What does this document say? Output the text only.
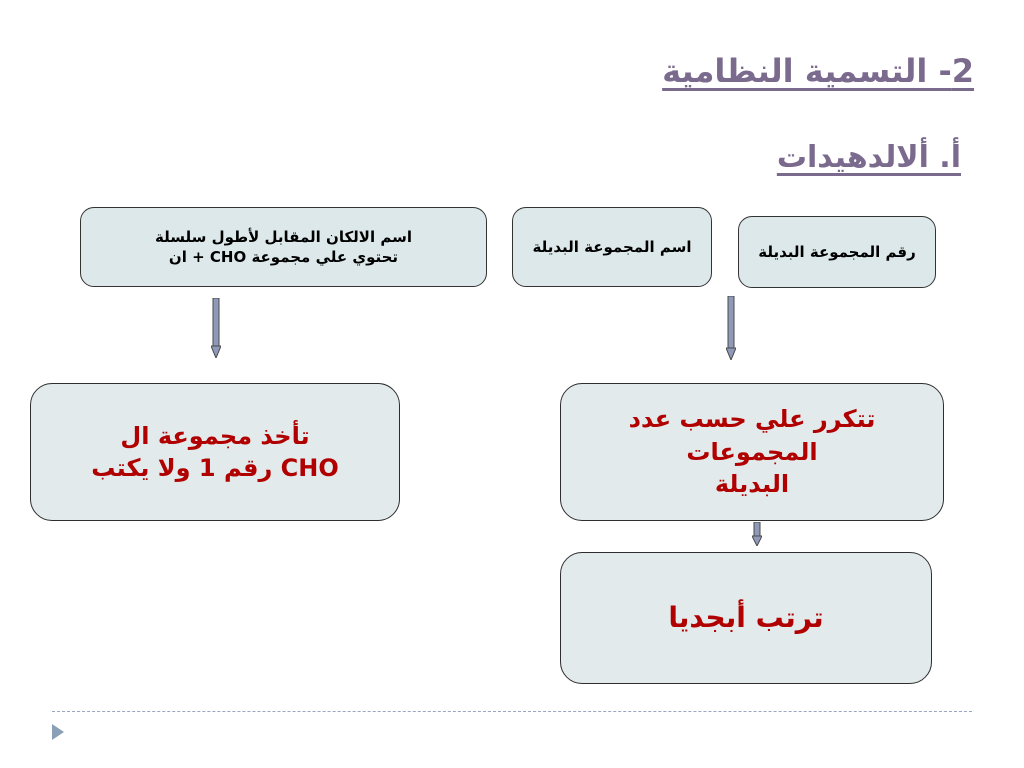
2- التسمية النظامية
أ. ألالدهيدات
اسم الالكان المقابل لأطول سلسلة
تحتوي علي مجموعة CHO + ان
اسم المجموعة البديلة	رقم المجموعة البديلة
تأخذ مجموعة ال
CHO رقم 1 ولا يكتب
تتكرر علي حسب عدد المجموعات
البديلة
ترتب أبجديا
